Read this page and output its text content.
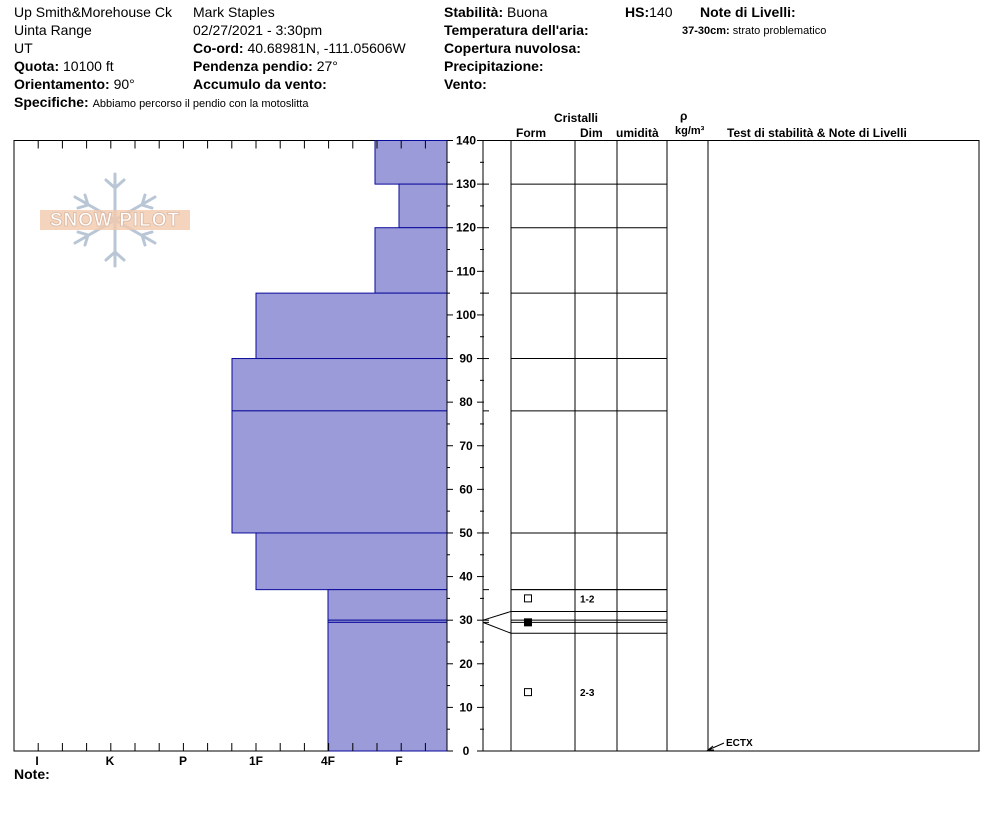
Up Smith&Morehouse Ck
Uinta Range
UT
Quota: 10100 ft
Orientamento: 90°
Specifiche: Abbiamo percorso il pendio con la motoslitta
Mark Staples
02/27/2021 - 3:30pm
Co-ord: 40.68981N, -111.05606W
Pendenza pendio: 27°
Accumulo da vento:
Stabilità: Buona	HS:140 Note di Livelli:
37-30cm: strato problematico
Temperatura dell'aria:
Copertura nuvolosa:
Precipitazione:
Vento:
Cristalli
Form	Dim umidità
ρ
kg/m³ Test di stabilità & Note di Livelli
SNOW PILOT
I	K	P	1F	4F	F
0
10
20
30
40
50
60
70
80
90
100
110
120
130
140
1-2
2-3
ECTX
Note:
